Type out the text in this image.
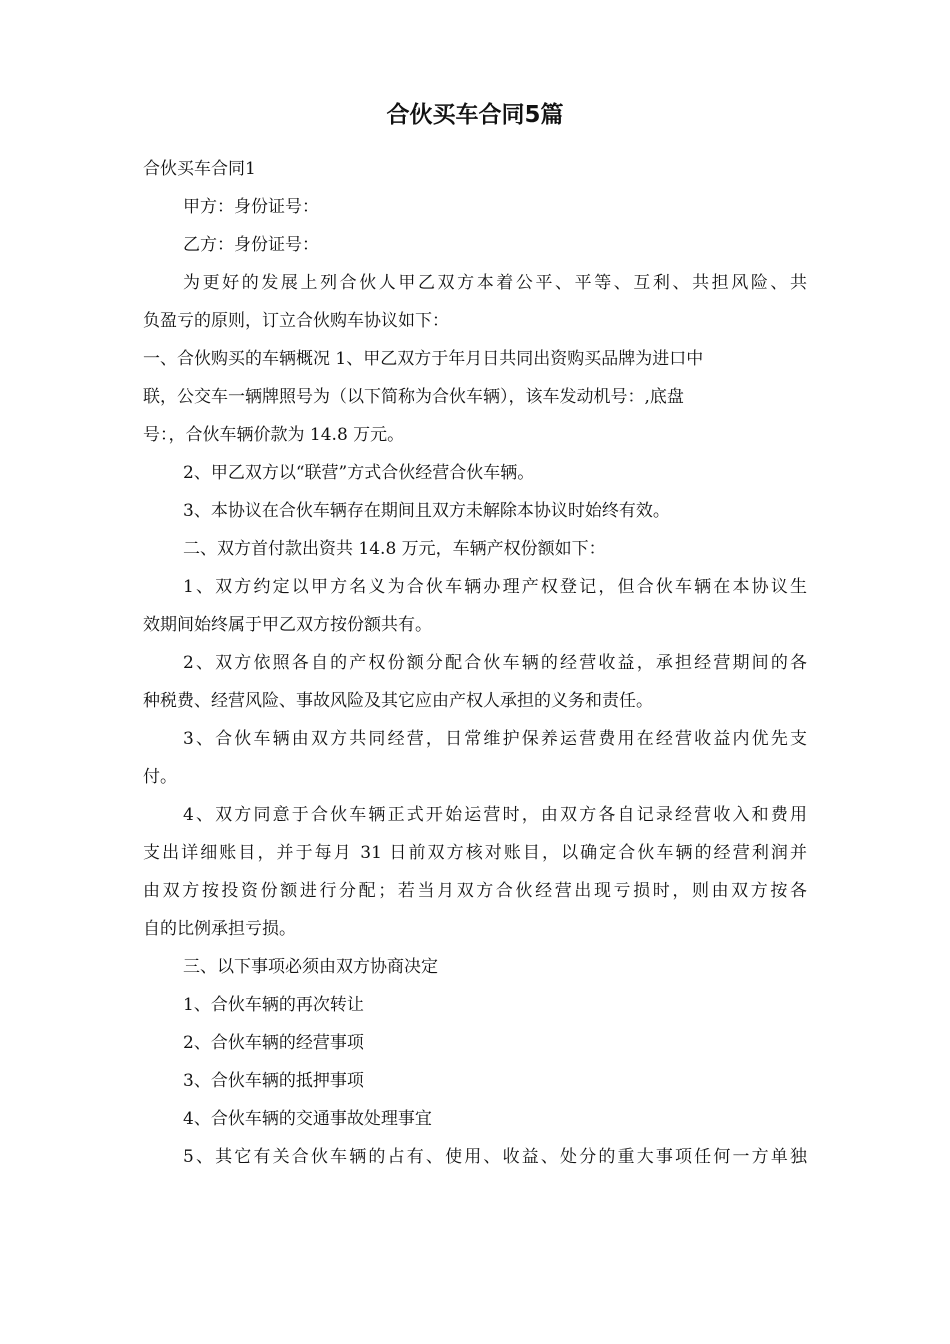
合伙买车合同5篇

合伙买车合同1

甲方：身份证号：

乙方：身份证号：

为更好的发展上列合伙人甲乙双方本着公平、平等、互利、共担风险、共

负盈亏的原则，订立合伙购车协议如下：

一、合伙购买的车辆概况 1、甲乙双方于年月日共同出资购买品牌为进口中

联，公交车一辆牌照号为（以下简称为合伙车辆），该车发动机号：,底盘

号：，合伙车辆价款为 14.8 万元。

2、甲乙双方以“联营”方式合伙经营合伙车辆。

3、本协议在合伙车辆存在期间且双方未解除本协议时始终有效。

二、双方首付款出资共 14.8 万元，车辆产权份额如下：

1、双方约定以甲方名义为合伙车辆办理产权登记，但合伙车辆在本协议生

效期间始终属于甲乙双方按份额共有。

2、双方依照各自的产权份额分配合伙车辆的经营收益，承担经营期间的各

种税费、经营风险、事故风险及其它应由产权人承担的义务和责任。

3、合伙车辆由双方共同经营，日常维护保养运营费用在经营收益内优先支

付。

4、双方同意于合伙车辆正式开始运营时，由双方各自记录经营收入和费用

支出详细账目，并于每月 31 日前双方核对账目，以确定合伙车辆的经营利润并

由双方按投资份额进行分配；若当月双方合伙经营出现亏损时，则由双方按各

自的比例承担亏损。

三、以下事项必须由双方协商决定

1、合伙车辆的再次转让

2、合伙车辆的经营事项

3、合伙车辆的抵押事项

4、合伙车辆的交通事故处理事宜

5、其它有关合伙车辆的占有、使用、收益、处分的重大事项任何一方单独
